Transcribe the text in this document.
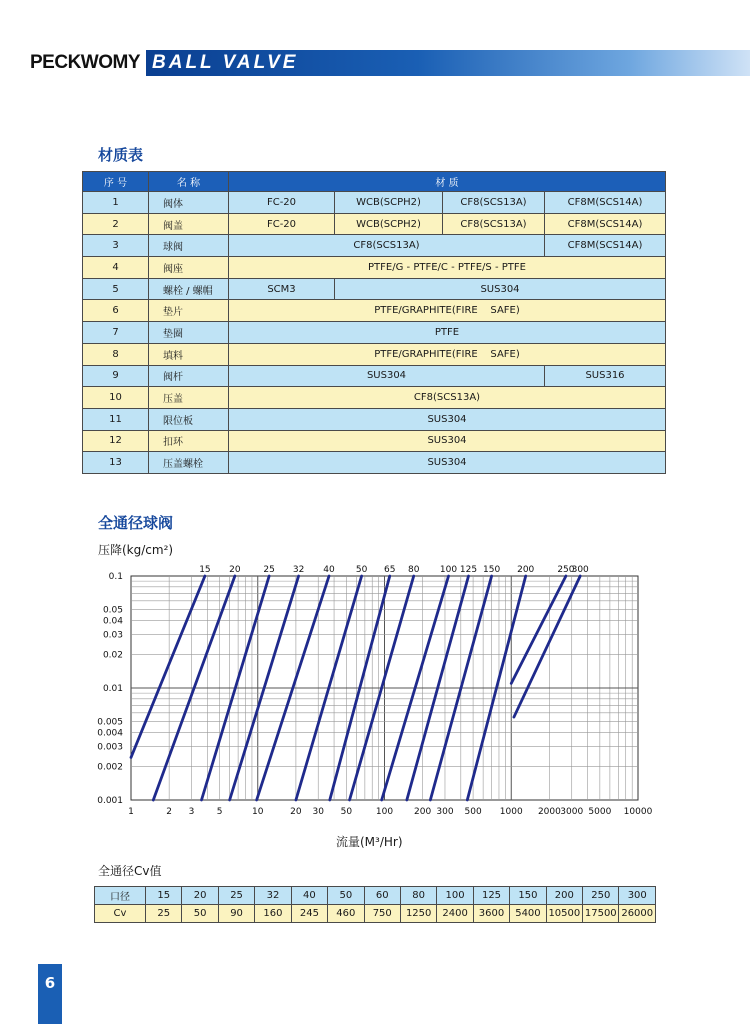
PECKWOMY BALL VALVE
材质表
序 号	名 称	材 质			
1	阀体	FC-20	WCB(SCPH2)	CF8(SCS13A)	CF8M(SCS14A)
2	阀盖	FC-20	WCB(SCPH2)	CF8(SCS13A)	CF8M(SCS14A)
3	球阀	CF8(SCS13A)			CF8M(SCS14A)
4	阀座	PTFE/G - PTFE/C - PTFE/S - PTFE			
5	螺栓 / 螺帽	SCM3	SUS304		
6	垫片	PTFE/GRAPHITE(FIRE    SAFE)			
7	垫圈	PTFE			
8	填料	PTFE/GRAPHITE(FIRE    SAFE)			
9	阀杆	SUS304			SUS316
10	压盖	CF8(SCS13A)			
11	限位板	SUS304			
12	扣环	SUS304			
13	压盖螺栓	SUS304			
全通径球阀
压降(kg/cm²)
1	2 3 5	10	20 30 50	100 200 300 500 1000 2000 3000 5000 10000
0.1
0.05
0.04
0.03
0.02
0.01
0.005
0.004
0.003
0.002
0.001
15 20	25 32 40 50 65 80 100 125 150 200	250
300
流量(M³/Hr)
全通径Cv值
口径	15	20	25	32	40	50	60	80	100	125	150	200	250	300
Cv	25	50	90	160	245	460	750	1250	2400	3600	5400	10500	17500	26000
6
